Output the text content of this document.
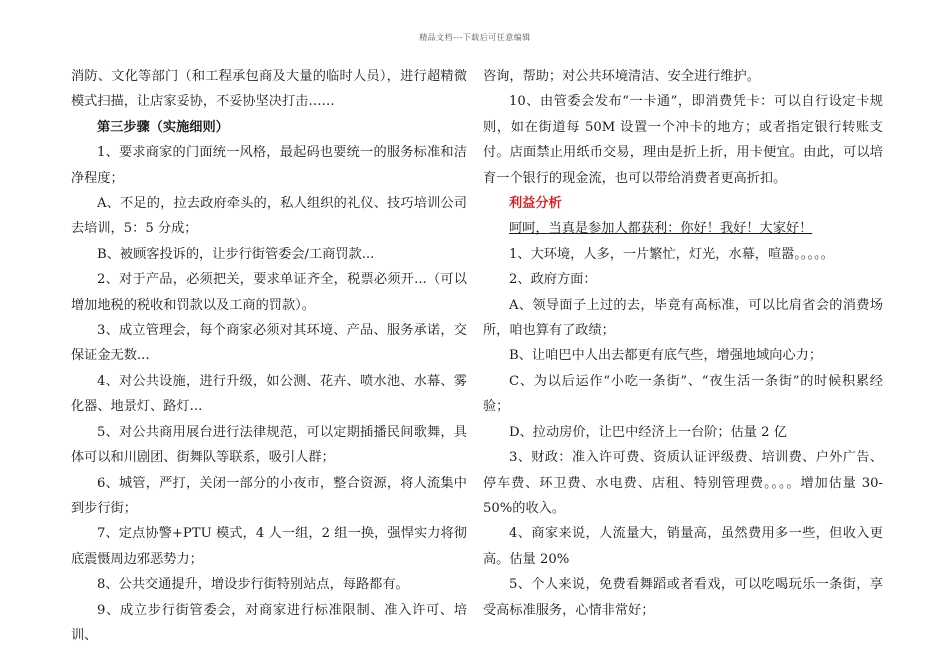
精品文档---下载后可任意编辑

消防、文化等部门（和工程承包商及大量的临时人员），进行超精微模式扫描，让店家妥协，不妥协坚决打击……

第三步骤（实施细则）

1、要求商家的门面统一风格，最起码也要统一的服务标准和洁净程度；

A、不足的，拉去政府牵头的，私人组织的礼仪、技巧培训公司去培训，5：5 分成；

B、被顾客投诉的，让步行街管委会/工商罚款...

2、对于产品，必须把关，要求单证齐全，税票必须开...（可以增加地税的税收和罚款以及工商的罚款）。

3、成立管理会，每个商家必须对其环境、产品、服务承诺，交保证金无数...

4、对公共设施，进行升级，如公测、花卉、喷水池、水幕、雾化器、地景灯、路灯...

5、对公共商用展台进行法律规范，可以定期插播民间歌舞，具体可以和川剧团、街舞队等联系，吸引人群；

6、城管，严打，关闭一部分的小夜市，整合资源，将人流集中到步行街；

7、定点协警+PTU 模式，4 人一组，2 组一换，强悍实力将彻底震慑周边邪恶势力；

8、公共交通提升，增设步行街特别站点，每路都有。

9、成立步行街管委会，对商家进行标准限制、准入许可、培训、

咨询，帮助；对公共环境清洁、安全进行维护。

10、由管委会发布“一卡通”，即消费凭卡：可以自行设定卡规则，如在街道每 50M 设置一个冲卡的地方；或者指定银行转账支付。店面禁止用纸币交易，理由是折上折，用卡便宜。由此，可以培育一个银行的现金流，也可以带给消费者更高折扣。

利益分析

呵呵，当真是参加人都获利：你好！我好！大家好！

1、大环境，人多，一片繁忙，灯光，水幕，喧嚣。。。。。

2、政府方面：

A、领导面子上过的去，毕竟有高标准，可以比肩省会的消费场所，咱也算有了政绩；

B、让咱巴中人出去都更有底气些，增强地域向心力；

C、为以后运作“小吃一条街”、“夜生活一条街”的时候积累经验；

D、拉动房价，让巴中经济上一台阶；估量 2 亿

3、财政：准入许可费、资质认证评级费、培训费、户外广告、停车费、环卫费、水电费、店租、特别管理费。。。。增加估量 30-50%的收入。

4、商家来说，人流量大，销量高，虽然费用多一些，但收入更高。估量 20%

5、个人来说，免费看舞蹈或者看戏，可以吃喝玩乐一条街，享受高标准服务，心情非常好；
